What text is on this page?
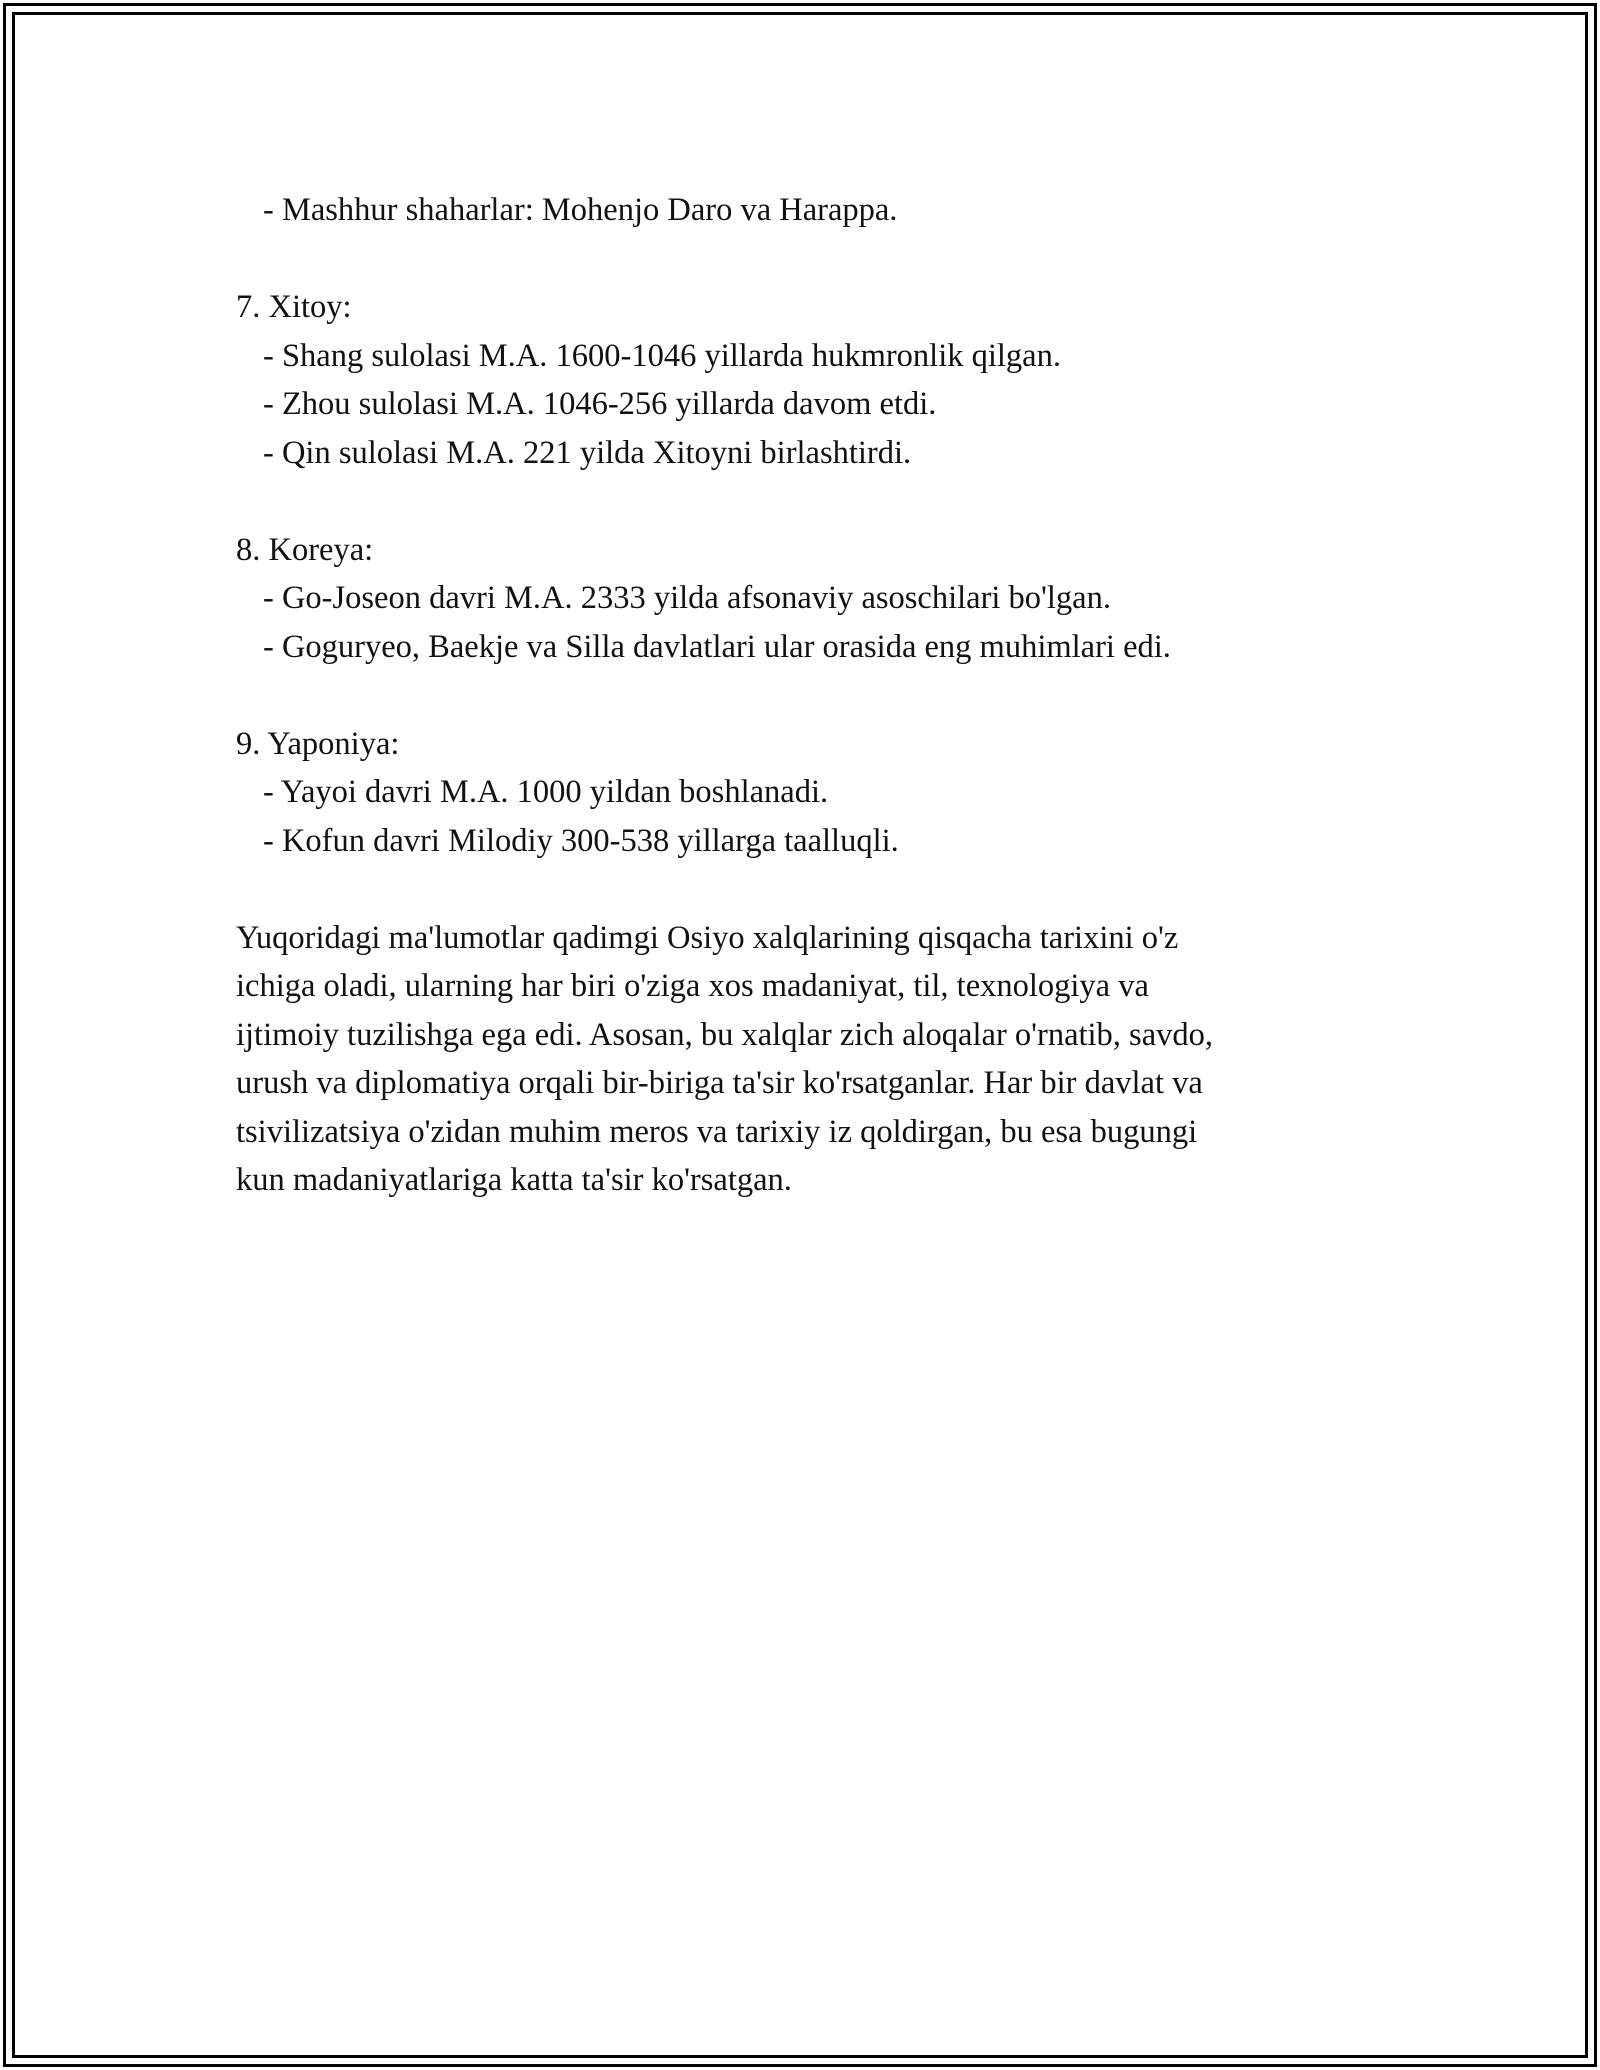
- Mashhur shaharlar: Mohenjo Daro va Harappa.
7. Xitoy:
- Shang sulolasi M.A. 1600-1046 yillarda hukmronlik qilgan.
- Zhou sulolasi M.A. 1046-256 yillarda davom etdi.
- Qin sulolasi M.A. 221 yilda Xitoyni birlashtirdi.
8. Koreya:
- Go-Joseon davri M.A. 2333 yilda afsonaviy asoschilari bo'lgan.
- Goguryeo, Baekje va Silla davlatlari ular orasida eng muhimlari edi.
9. Yaponiya:
- Yayoi davri M.A. 1000 yildan boshlanadi.
- Kofun davri Milodiy 300-538 yillarga taalluqli.
Yuqoridagi ma'lumotlar qadimgi Osiyo xalqlarining qisqacha tarixini o'z
ichiga oladi, ularning har biri o'ziga xos madaniyat, til, texnologiya va
ijtimoiy tuzilishga ega edi. Asosan, bu xalqlar zich aloqalar o'rnatib, savdo,
urush va diplomatiya orqali bir-biriga ta'sir ko'rsatganlar. Har bir davlat va
tsivilizatsiya o'zidan muhim meros va tarixiy iz qoldirgan, bu esa bugungi
kun madaniyatlariga katta ta'sir ko'rsatgan.
